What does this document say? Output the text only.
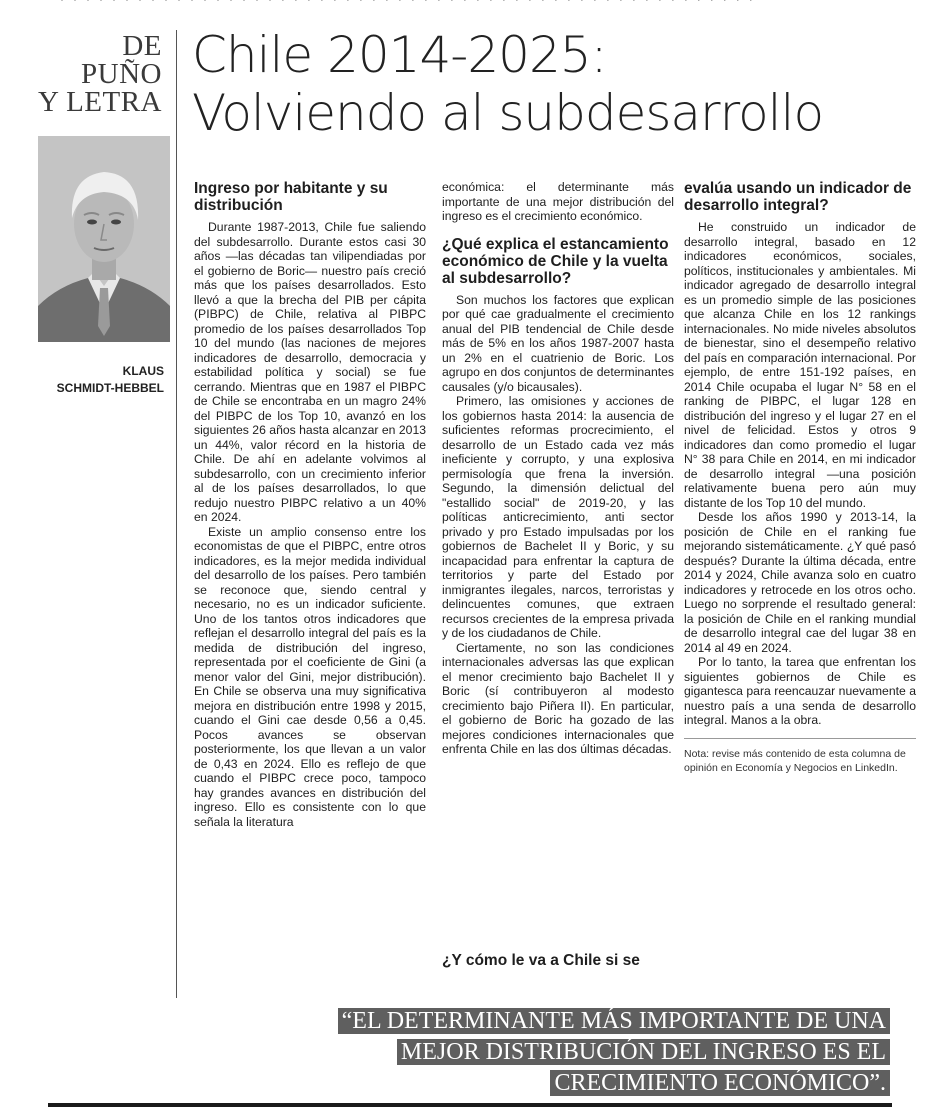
· · · · · · · · · · · · · · · · · · · · · · · · · · · · · · · · · · · · · · · · · · · · · · · · · · · · · ·
DE
PUÑO
Y LETRA
Chile 2014-2025:
Volviendo al subdesarrollo
KLAUS
SCHMIDT-HEBBEL
Ingreso por habitante y su distribución

Durante 1987-2013, Chile fue saliendo del subdesarrollo. Durante estos casi 30 años —las décadas tan vilipendiadas por el gobierno de Boric— nuestro país creció más que los países desarrollados. Esto llevó a que la brecha del PIB per cápita (PIBPC) de Chile, relativa al PIBPC promedio de los países desarrollados Top 10 del mundo (las naciones de mejores indicadores de desarrollo, democracia y estabilidad política y social) se fue cerrando. Mientras que en 1987 el PIBPC de Chile se encontraba en un magro 24% del PIBPC de los Top 10, avanzó en los siguientes 26 años hasta alcanzar en 2013 un 44%, valor récord en la historia de Chile. De ahí en adelante volvimos al subdesarrollo, con un crecimiento inferior al de los países desarrollados, lo que redujo nuestro PIBPC relativo a un 40% en 2024.

Existe un amplio consenso entre los economistas de que el PIBPC, entre otros indicadores, es la mejor medida individual del desarrollo de los países. Pero también se reconoce que, siendo central y necesario, no es un indicador suficiente. Uno de los tantos otros indicadores que reflejan el desarrollo integral del país es la medida de distribución del ingreso, representada por el coeficiente de Gini (a menor valor del Gini, mejor distribución). En Chile se observa una muy significativa mejora en distribución entre 1998 y 2015, cuando el Gini cae desde 0,56 a 0,45. Pocos avances se observan posteriormente, los que llevan a un valor de 0,43 en 2024. Ello es reflejo de que cuando el PIBPC crece poco, tampoco hay grandes avances en distribución del ingreso. Ello es consistente con lo que señala la literatura

económica: el determinante más importante de una mejor distribución del ingreso es el crecimiento económico.

¿Qué explica el estancamiento económico de Chile y la vuelta al subdesarrollo?

Son muchos los factores que explican por qué cae gradualmente el crecimiento anual del PIB tendencial de Chile desde más de 5% en los años 1987-2007 hasta un 2% en el cuatrienio de Boric. Los agrupo en dos conjuntos de determinantes causales (y/o bicausales).

Primero, las omisiones y acciones de los gobiernos hasta 2014: la ausencia de suficientes reformas procrecimiento, el desarrollo de un Estado cada vez más ineficiente y corrupto, y una explosiva permisología que frena la inversión. Segundo, la dimensión delictual del "estallido social" de 2019-20, y las políticas anticrecimiento, anti sector privado y pro Estado impulsadas por los gobiernos de Bachelet II y Boric, y su incapacidad para enfrentar la captura de territorios y parte del Estado por inmigrantes ilegales, narcos, terroristas y delincuentes comunes, que extraen recursos crecientes de la empresa privada y de los ciudadanos de Chile.

Ciertamente, no son las condiciones internacionales adversas las que explican el menor crecimiento bajo Bachelet II y Boric (sí contribuyeron al modesto crecimiento bajo Piñera II). En particular, el gobierno de Boric ha gozado de las mejores condiciones internacionales que enfrenta Chile en las dos últimas décadas.

¿Y cómo le va a Chile si se
evalúa usando un indicador de desarrollo integral?

He construido un indicador de desarrollo integral, basado en 12 indicadores económicos, sociales, políticos, institucionales y ambientales. Mi indicador agregado de desarrollo integral es un promedio simple de las posiciones que alcanza Chile en los 12 rankings internacionales. No mide niveles absolutos de bienestar, sino el desempeño relativo del país en comparación internacional. Por ejemplo, de entre 151-192 países, en 2014 Chile ocupaba el lugar N° 58 en el ranking de PIBPC, el lugar 128 en distribución del ingreso y el lugar 27 en el nivel de felicidad. Estos y otros 9 indicadores dan como promedio el lugar N° 38 para Chile en 2014, en mi indicador de desarrollo integral —una posición relativamente buena pero aún muy distante de los Top 10 del mundo.

Desde los años 1990 y 2013-14, la posición de Chile en el ranking fue mejorando sistemáticamente. ¿Y qué pasó después? Durante la última década, entre 2014 y 2024, Chile avanza solo en cuatro indicadores y retrocede en los otros ocho. Luego no sorprende el resultado general: la posición de Chile en el ranking mundial de desarrollo integral cae del lugar 38 en 2014 al 49 en 2024.

Por lo tanto, la tarea que enfrentan los siguientes gobiernos de Chile es gigantesca para reencauzar nuevamente a nuestro país a una senda de desarrollo integral. Manos a la obra.

Nota: revise más contenido de esta columna de opinión en Economía y Negocios en LinkedIn.
“EL DETERMINANTE MÁS IMPORTANTE DE UNA
MEJOR DISTRIBUCIÓN DEL INGRESO ES EL
CRECIMIENTO ECONÓMICO”.
